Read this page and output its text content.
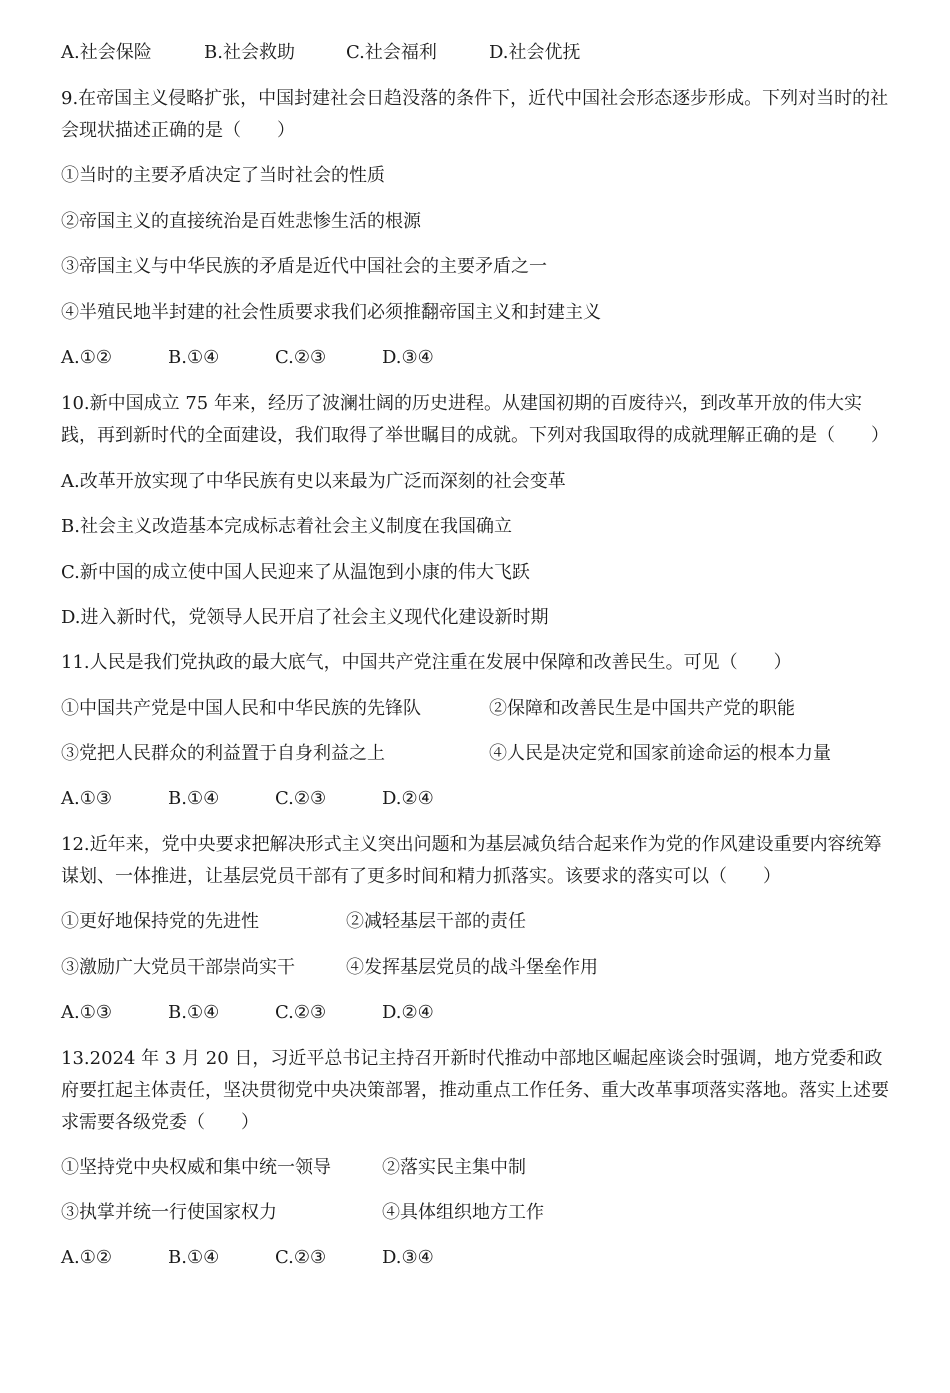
A.社会保险	B.社会救助	C.社会福利	D.社会优抚
9.在帝国主义侵略扩张，中国封建社会日趋没落的条件下，近代中国社会形态逐步形成。下列对当时的社会现状描述正确的是（　　）
①当时的主要矛盾决定了当时社会的性质
②帝国主义的直接统治是百姓悲惨生活的根源
③帝国主义与中华民族的矛盾是近代中国社会的主要矛盾之一
④半殖民地半封建的社会性质要求我们必须推翻帝国主义和封建主义
A.①②	B.①④	C.②③	D.③④
10.新中国成立 75 年来，经历了波澜壮阔的历史进程。从建国初期的百废待兴，到改革开放的伟大实践，再到新时代的全面建设，我们取得了举世瞩目的成就。下列对我国取得的成就理解正确的是（　　）
A.改革开放实现了中华民族有史以来最为广泛而深刻的社会变革
B.社会主义改造基本完成标志着社会主义制度在我国确立
C.新中国的成立使中国人民迎来了从温饱到小康的伟大飞跃
D.进入新时代，党领导人民开启了社会主义现代化建设新时期
11.人民是我们党执政的最大底气，中国共产党注重在发展中保障和改善民生。可见（　　）
①中国共产党是中国人民和中华民族的先锋队	②保障和改善民生是中国共产党的职能
③党把人民群众的利益置于自身利益之上	④人民是决定党和国家前途命运的根本力量
A.①③	B.①④	C.②③	D.②④
12.近年来，党中央要求把解决形式主义突出问题和为基层减负结合起来作为党的作风建设重要内容统筹谋划、一体推进，让基层党员干部有了更多时间和精力抓落实。该要求的落实可以（　　）
①更好地保持党的先进性	②减轻基层干部的责任
③激励广大党员干部崇尚实干	④发挥基层党员的战斗堡垒作用
A.①③	B.①④	C.②③	D.②④
13.2024 年 3 月 20 日，习近平总书记主持召开新时代推动中部地区崛起座谈会时强调，地方党委和政府要扛起主体责任，坚决贯彻党中央决策部署，推动重点工作任务、重大改革事项落实落地。落实上述要求需要各级党委（　　）
①坚持党中央权威和集中统一领导	②落实民主集中制
③执掌并统一行使国家权力	④具体组织地方工作
A.①②	B.①④	C.②③	D.③④
